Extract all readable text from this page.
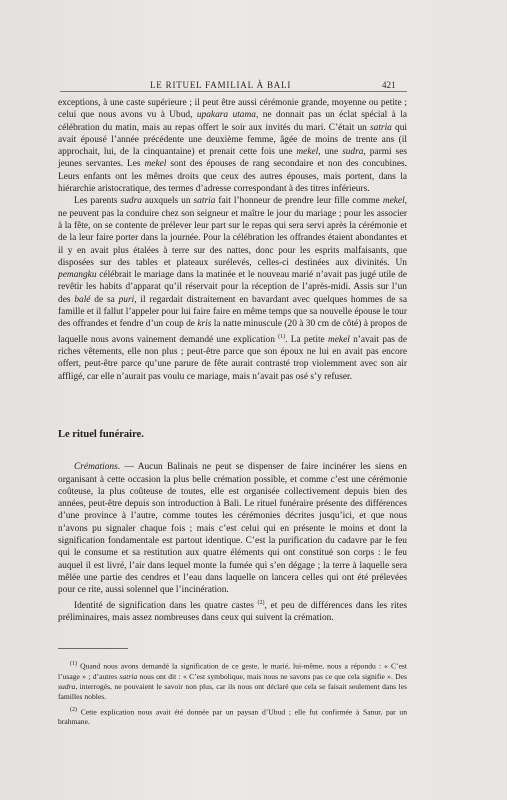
LE RITUEL FAMILIAL À BALI	421

exceptions, à une caste supérieure ; il peut être aussi cérémonie grande, moyenne ou petite ; celui que nous avons vu à Ubud, upakara utama, ne donnait pas un éclat spécial à la célébration du matin, mais au repas offert le soir aux invités du mari. C’était un satria qui avait épousé l’année précédente une deuxième femme, âgée de moins de trente ans (il approchait, lui, de la cinquantaine) et prenait cette fois une mekel, une sudra, parmi ses jeunes servantes. Les mekel sont des épouses de rang secondaire et non des concubines. Leurs enfants ont les mêmes droits que ceux des autres épouses, mais portent, dans la hiérarchie aristocratique, des termes d’adresse correspondant à des titres inférieurs.

Les parents sudra auxquels un satria fait l’honneur de prendre leur fille comme mekel, ne peuvent pas la conduire chez son seigneur et maître le jour du mariage ; pour les associer à la fête, on se contente de prélever leur part sur le repas qui sera servi après la cérémonie et de la leur faire porter dans la journée. Pour la célébration les offrandes étaient abondantes et il y en avait plus étalées à terre sur des nattes, donc pour les esprits malfaisants, que disposées sur des tables et plateaux surélevés, celles-ci destinées aux divinités. Un pemangku célébrait le mariage dans la matinée et le nouveau marié n’avait pas jugé utile de revêtir les habits d’apparat qu’il réservait pour la réception de l’après-midi. Assis sur l’un des balé de sa puri, il regardait distraitement en bavardant avec quelques hommes de sa famille et il fallut l’appeler pour lui faire faire en même temps que sa nouvelle épouse le tour des offrandes et fendre d’un coup de kris la natte minuscule (20 à 30 cm de côté) à propos de laquelle nous avons vainement demandé une explication $^{(1)}$. La petite mekel n’avait pas de riches vêtements, elle non plus ; peut-être parce que son époux ne lui en avait pas encore offert, peut-être parce qu’une parure de fête aurait contrasté trop violemment avec son air affligé, car elle n’aurait pas voulu ce mariage, mais n’avait pas osé s’y refuser.

Le rituel funéraire.

Crémations. — Aucun Balinais ne peut se dispenser de faire incinérer les siens en organisant à cette occasion la plus belle crémation possible, et comme c’est une cérémonie coûteuse, la plus coûteuse de toutes, elle est organisée collectivement depuis bien des années, peut-être depuis son introduction à Bali. Le rituel funéraire présente des différences d’une province à l’autre, comme toutes les cérémonies décrites jusqu’ici, et que nous n’avons pu signaler chaque fois ; mais c’est celui qui en présente le moins et dont la signification fondamentale est partout identique. C’est la purification du cadavre par le feu qui le consume et sa restitution aux quatre éléments qui ont constitué son corps : le feu auquel il est livré, l’air dans lequel monte la fumée qui s’en dégage ; la terre à laquelle sera mêlée une partie des cendres et l’eau dans laquelle on lancera celles qui ont été prélevées pour ce rite, aussi solennel que l’incinération.

Identité de signification dans les quatre castes $^{(2)}$, et peu de différences dans les rites préliminaires, mais assez nombreuses dans ceux qui suivent la crémation.

$^{(1)}$ Quand nous avons demandé la signification de ce geste, le marié, lui-même, nous a répondu : « C’est l’usage » ; d’autres satria nous ont dit : « C’est symbolique, mais nous ne savons pas ce que cela signifie ». Des sudra, interrogés, ne pouvaient le savoir non plus, car ils nous ont déclaré que cela se faisait seulement dans les familles nobles.

$^{(2)}$ Cette explication nous avait été donnée par un paysan d’Ubud ; elle fut confirmée à Sanur, par un brahmane.
